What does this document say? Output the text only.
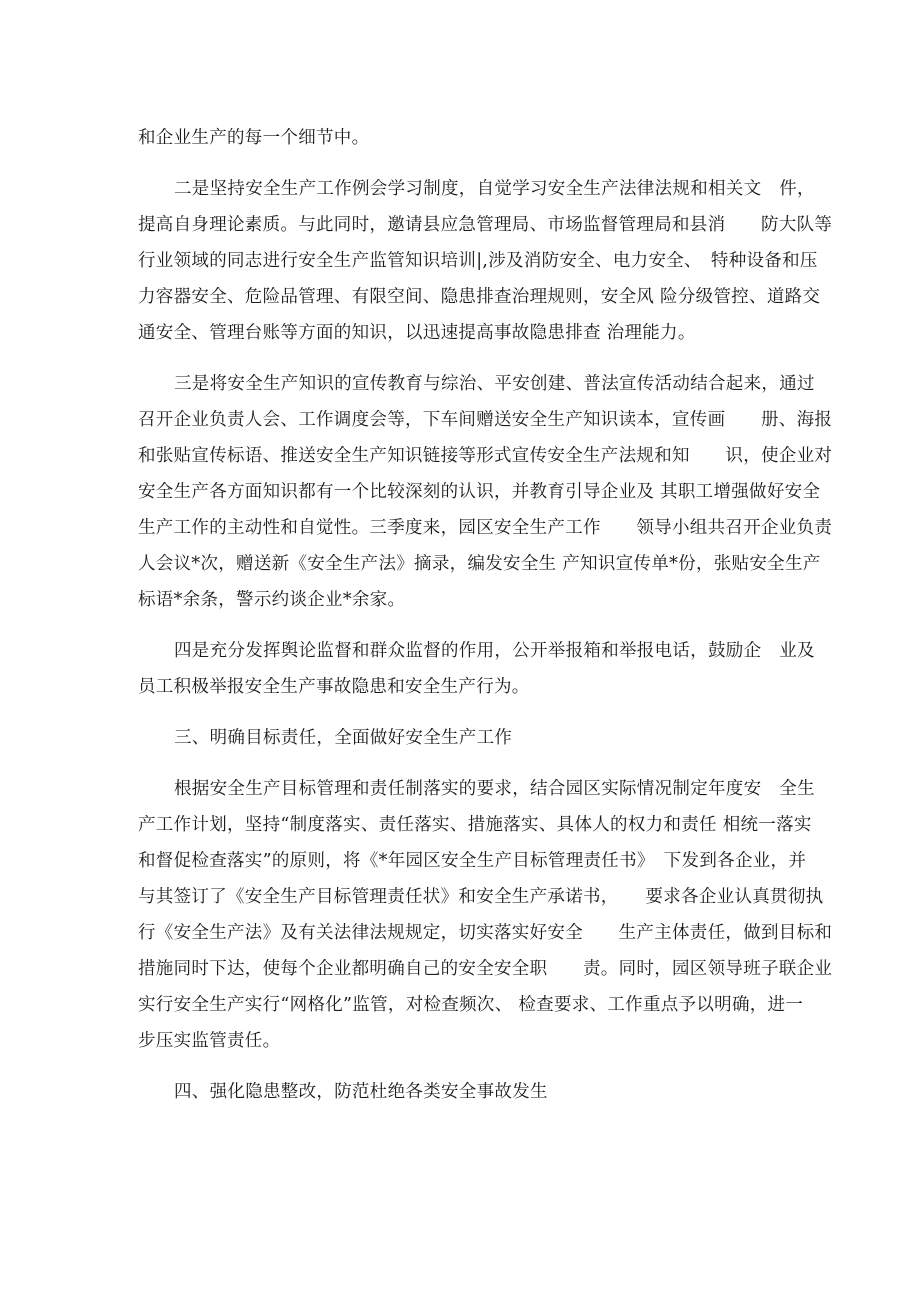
和企业生产的每一个细节中。
二是坚持安全生产工作例会学习制度，自觉学习安全生产法律法规和相关文　件，
提高自身理论素质。与此同时，邀请县应急管理局、市场监督管理局和县消　　防大队等
行业领域的同志进行安全生产监管知识培训|,涉及消防安全、电力安全、　特种设备和压
力容器安全、危险品管理、有限空间、隐患排查治理规则，安全风 险分级管控、道路交
通安全、管理台账等方面的知识，以迅速提高事故隐患排查 治理能力。
三是将安全生产知识的宣传教育与综治、平安创建、普法宣传活动结合起来，通过
召开企业负责人会、工作调度会等，下车间赠送安全生产知识读本，宣传画　　册、海报
和张贴宣传标语、推送安全生产知识链接等形式宣传安全生产法规和知　　识，使企业对
安全生产各方面知识都有一个比较深刻的认识，并教育引导企业及 其职工增强做好安全
生产工作的主动性和自觉性。三季度来，园区安全生产工作　　领导小组共召开企业负责
人会议*次，赠送新《安全生产法》摘录，编发安全生 产知识宣传单*份，张贴安全生产
标语*余条，警示约谈企业*余家。
四是充分发挥舆论监督和群众监督的作用，公开举报箱和举报电话，鼓励企　业及
员工积极举报安全生产事故隐患和安全生产行为。
三、明确目标责任，全面做好安全生产工作
根据安全生产目标管理和责任制落实的要求，结合园区实际情况制定年度安　全生
产工作计划，坚持“制度落实、责任落实、措施落实、具体人的权力和责任 相统一落实
和督促检查落实”的原则，将《*年园区安全生产目标管理责任书》　下发到各企业，并
与其签订了《安全生产目标管理责任状》和安全生产承诺书，　　要求各企业认真贯彻执
行《安全生产法》及有关法律法规规定，切实落实好安全　　生产主体责任，做到目标和
措施同时下达，使每个企业都明确自己的安全安全职　　责。同时，园区领导班子联企业
实行安全生产实行“网格化”监管，对检查频次、 检查要求、工作重点予以明确，进一
步压实监管责任。
四、强化隐患整改，防范杜绝各类安全事故发生
